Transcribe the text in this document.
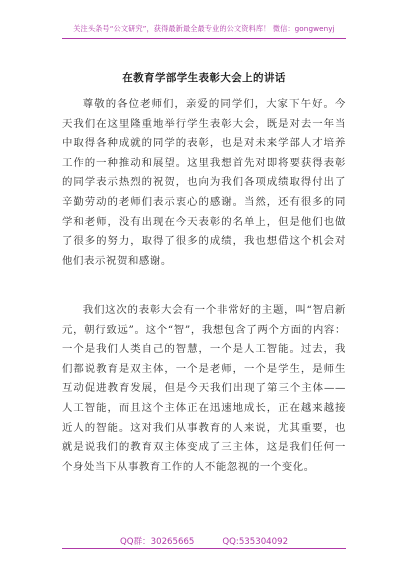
关注头条号“公文研究”，获得最新最全最专业的公文资料库！ 微信：gongwenyj
在教育学部学生表彰大会上的讲话

尊敬的各位老师们，亲爱的同学们，大家下午好。今天我们在这里隆重地举行学生表彰大会，既是对去一年当中取得各种成就的同学的表彰，也是对未来学部人才培养工作的一种推动和展望。这里我想首先对即将要获得表彰的同学表示热烈的祝贺，也向为我们各项成绩取得付出了辛勤劳动的老师们表示衷心的感谢。当然，还有很多的同学和老师，没有出现在今天表彰的名单上，但是他们也做了很多的努力，取得了很多的成绩，我也想借这个机会对他们表示祝贺和感谢。

我们这次的表彰大会有一个非常好的主题，叫“智启新元，朝行致远”。这个“智”，我想包含了两个方面的内容：一个是我们人类自己的智慧，一个是人工智能。过去，我们都说教育是双主体，一个是老师，一个是学生，是师生互动促进教育发展，但是今天我们出现了第三个主体——人工智能，而且这个主体正在迅速地成长，正在越来越接近人的智能。这对我们从事教育的人来说，尤其重要，也就是说我们的教育双主体变成了三主体，这是我们任何一个身处当下从事教育工作的人不能忽视的一个变化。

QQ群：30265665	QQ:535304092
